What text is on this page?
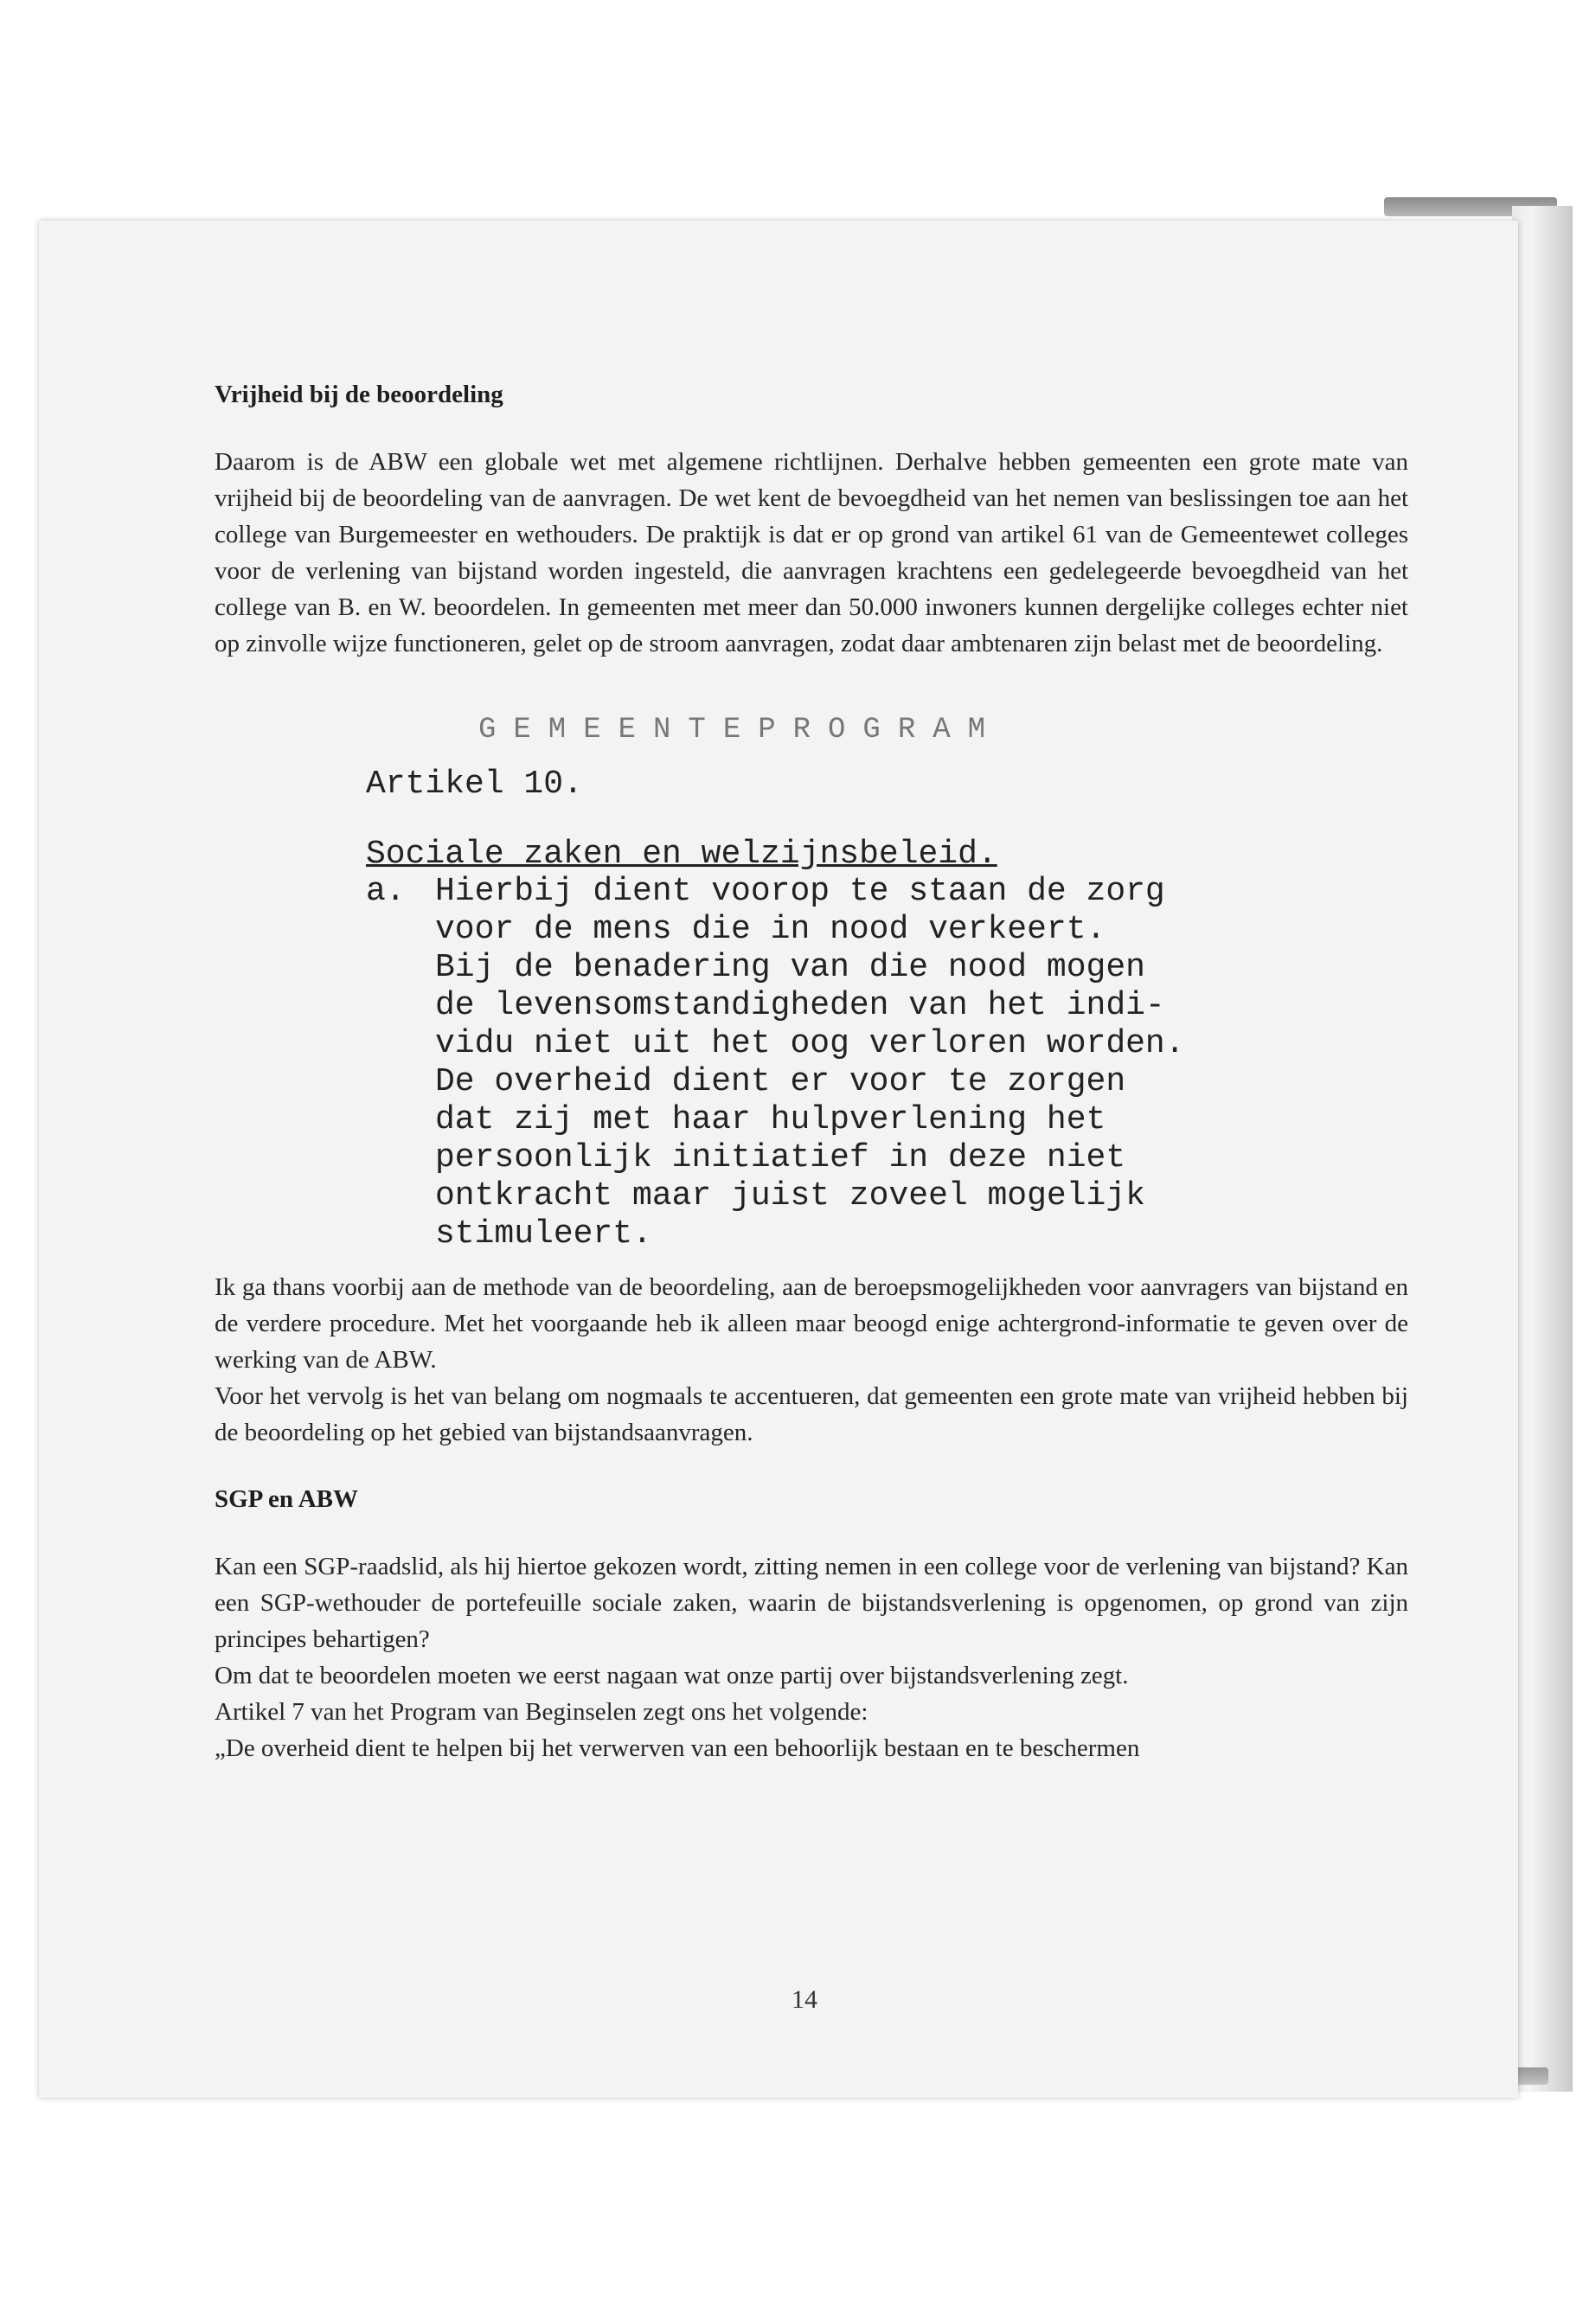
Vrijheid bij de beoordeling

Daarom is de ABW een globale wet met algemene richtlijnen. Derhalve hebben gemeenten een grote mate van vrijheid bij de beoordeling van de aanvragen. De wet kent de bevoegdheid van het nemen van beslissingen toe aan het college van Burgemeester en wethouders. De praktijk is dat er op grond van artikel 61 van de Gemeentewet colleges voor de verlening van bijstand worden ingesteld, die aanvragen krachtens een gedelegeerde bevoegdheid van het college van B. en W. beoordelen. In gemeenten met meer dan 50.000 inwoners kunnen dergelijke colleges echter niet op zinvolle wijze functioneren, gelet op de stroom aanvragen, zodat daar ambtenaren zijn belast met de beoordeling.

GEMEENTEPROGRAM
Artikel 10.
Sociale zaken en welzijnsbeleid.
a. Hierbij dient voorop te staan de zorg
voor de mens die in nood verkeert.
Bij de benadering van die nood mogen
de levensomstandigheden van het indi-
vidu niet uit het oog verloren worden.
De overheid dient er voor te zorgen
dat zij met haar hulpverlening het
persoonlijk initiatief in deze niet
ontkracht maar juist zoveel mogelijk
stimuleert.

Ik ga thans voorbij aan de methode van de beoordeling, aan de beroepsmogelijkheden voor aanvragers van bijstand en de verdere procedure. Met het voorgaande heb ik alleen maar beoogd enige achtergrond-informatie te geven over de werking van de ABW.

Voor het vervolg is het van belang om nogmaals te accentueren, dat gemeenten een grote mate van vrijheid hebben bij de beoordeling op het gebied van bijstandsaanvragen.

SGP en ABW

Kan een SGP-raadslid, als hij hiertoe gekozen wordt, zitting nemen in een college voor de verlening van bijstand? Kan een SGP-wethouder de portefeuille sociale zaken, waarin de bijstandsverlening is opgenomen, op grond van zijn principes behartigen?

Om dat te beoordelen moeten we eerst nagaan wat onze partij over bijstandsverlening zegt.

Artikel 7 van het Program van Beginselen zegt ons het volgende:

„De overheid dient te helpen bij het verwerven van een behoorlijk bestaan en te beschermen

14
